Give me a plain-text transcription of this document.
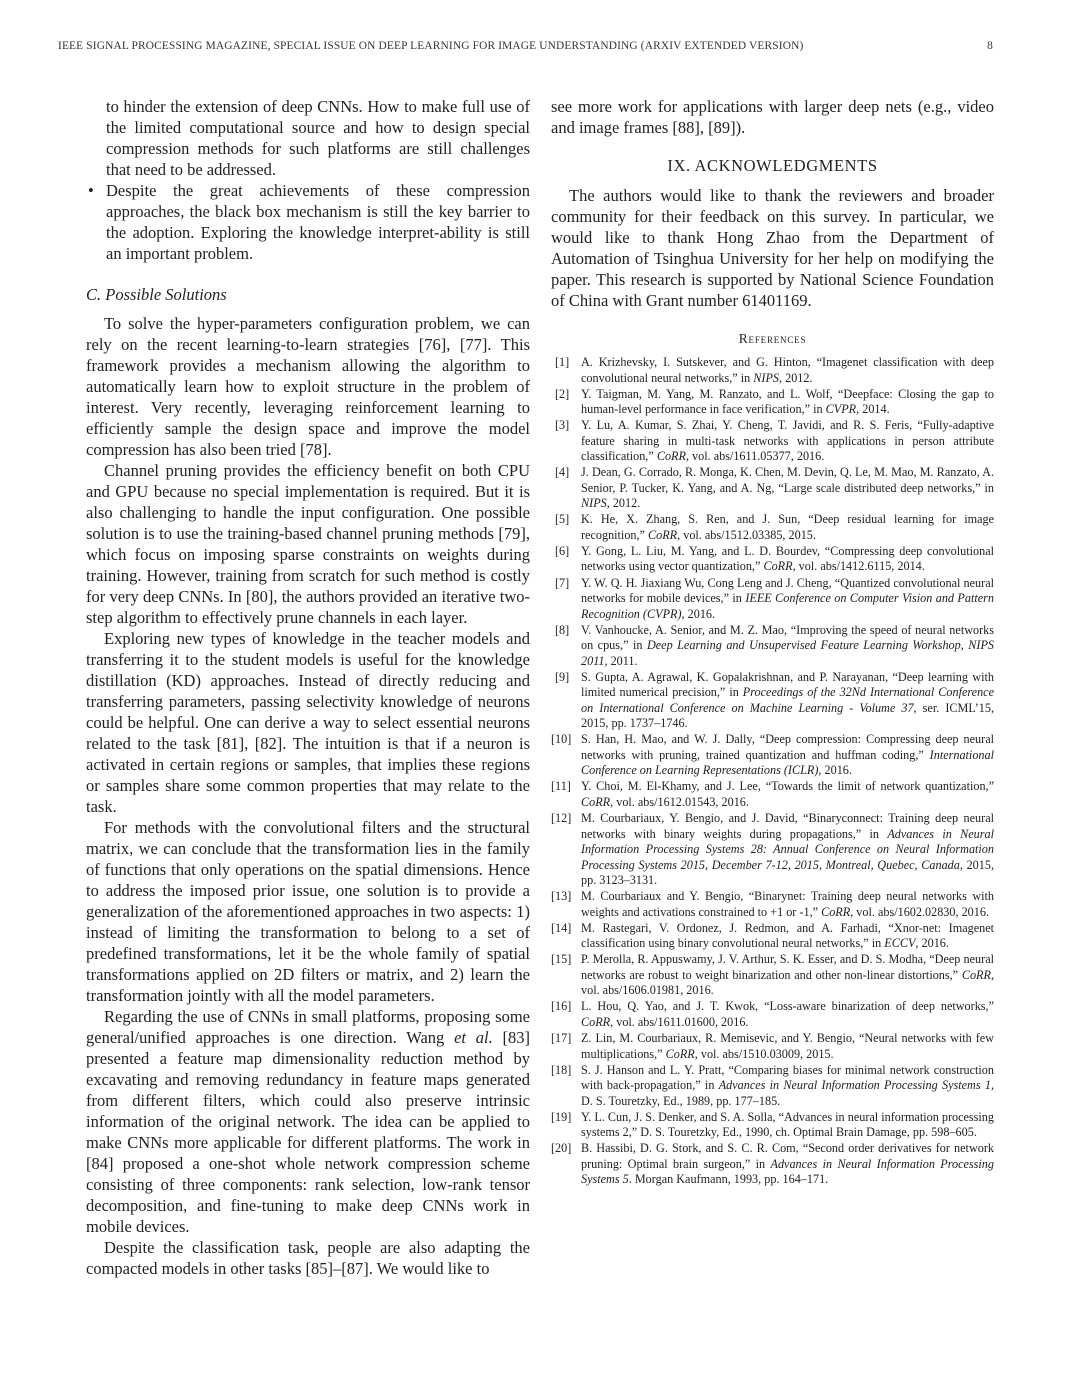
IEEE SIGNAL PROCESSING MAGAZINE, SPECIAL ISSUE ON DEEP LEARNING FOR IMAGE UNDERSTANDING (ARXIV EXTENDED VERSION)	8
to hinder the extension of deep CNNs. How to make full use of the limited computational source and how to design special compression methods for such platforms are still challenges that need to be addressed.
• Despite the great achievements of these compression approaches, the black box mechanism is still the key barrier to the adoption. Exploring the knowledge interpret-ability is still an important problem.
C. Possible Solutions

To solve the hyper-parameters configuration problem, we can rely on the recent learning-to-learn strategies [76], [77]. This framework provides a mechanism allowing the algorithm to automatically learn how to exploit structure in the problem of interest. Very recently, leveraging reinforcement learning to efficiently sample the design space and improve the model compression has also been tried [78].

Channel pruning provides the efficiency benefit on both CPU and GPU because no special implementation is required. But it is also challenging to handle the input configuration. One possible solution is to use the training-based channel pruning methods [79], which focus on imposing sparse constraints on weights during training. However, training from scratch for such method is costly for very deep CNNs. In [80], the authors provided an iterative two-step algorithm to effectively prune channels in each layer.

Exploring new types of knowledge in the teacher models and transferring it to the student models is useful for the knowledge distillation (KD) approaches. Instead of directly reducing and transferring parameters, passing selectivity knowledge of neurons could be helpful. One can derive a way to select essential neurons related to the task [81], [82]. The intuition is that if a neuron is activated in certain regions or samples, that implies these regions or samples share some common properties that may relate to the task.

For methods with the convolutional filters and the structural matrix, we can conclude that the transformation lies in the family of functions that only operations on the spatial dimensions. Hence to address the imposed prior issue, one solution is to provide a generalization of the aforementioned approaches in two aspects: 1) instead of limiting the transformation to belong to a set of predefined transformations, let it be the whole family of spatial transformations applied on 2D filters or matrix, and 2) learn the transformation jointly with all the model parameters.

Regarding the use of CNNs in small platforms, proposing some general/unified approaches is one direction. Wang et al. [83] presented a feature map dimensionality reduction method by excavating and removing redundancy in feature maps generated from different filters, which could also preserve intrinsic information of the original network. The idea can be applied to make CNNs more applicable for different platforms. The work in [84] proposed a one-shot whole network compression scheme consisting of three components: rank selection, low-rank tensor decomposition, and fine-tuning to make deep CNNs work in mobile devices.

Despite the classification task, people are also adapting the compacted models in other tasks [85]–[87]. We would like to

see more work for applications with larger deep nets (e.g., video and image frames [88], [89]).

IX. ACKNOWLEDGMENTS

The authors would like to thank the reviewers and broader community for their feedback on this survey. In particular, we would like to thank Hong Zhao from the Department of Automation of Tsinghua University for her help on modifying the paper. This research is supported by National Science Foundation of China with Grant number 61401169.

References
[1] A. Krizhevsky, I. Sutskever, and G. Hinton, “Imagenet classification with deep convolutional neural networks,” in NIPS, 2012.
[2] Y. Taigman, M. Yang, M. Ranzato, and L. Wolf, “Deepface: Closing the gap to human-level performance in face verification,” in CVPR, 2014.
[3] Y. Lu, A. Kumar, S. Zhai, Y. Cheng, T. Javidi, and R. S. Feris, “Fully-adaptive feature sharing in multi-task networks with applications in person attribute classification,” CoRR, vol. abs/1611.05377, 2016.
[4] J. Dean, G. Corrado, R. Monga, K. Chen, M. Devin, Q. Le, M. Mao, M. Ranzato, A. Senior, P. Tucker, K. Yang, and A. Ng, “Large scale distributed deep networks,” in NIPS, 2012.
[5] K. He, X. Zhang, S. Ren, and J. Sun, “Deep residual learning for image recognition,” CoRR, vol. abs/1512.03385, 2015.
[6] Y. Gong, L. Liu, M. Yang, and L. D. Bourdev, “Compressing deep convolutional networks using vector quantization,” CoRR, vol. abs/1412.6115, 2014.
[7] Y. W. Q. H. Jiaxiang Wu, Cong Leng and J. Cheng, “Quantized convolutional neural networks for mobile devices,” in IEEE Conference on Computer Vision and Pattern Recognition (CVPR), 2016.
[8] V. Vanhoucke, A. Senior, and M. Z. Mao, “Improving the speed of neural networks on cpus,” in Deep Learning and Unsupervised Feature Learning Workshop, NIPS 2011, 2011.
[9] S. Gupta, A. Agrawal, K. Gopalakrishnan, and P. Narayanan, “Deep learning with limited numerical precision,” in Proceedings of the 32Nd International Conference on International Conference on Machine Learning - Volume 37, ser. ICML’15, 2015, pp. 1737–1746.
[10] S. Han, H. Mao, and W. J. Dally, “Deep compression: Compressing deep neural networks with pruning, trained quantization and huffman coding,” International Conference on Learning Representations (ICLR), 2016.
[11] Y. Choi, M. El-Khamy, and J. Lee, “Towards the limit of network quantization,” CoRR, vol. abs/1612.01543, 2016.
[12] M. Courbariaux, Y. Bengio, and J. David, “Binaryconnect: Training deep neural networks with binary weights during propagations,” in Advances in Neural Information Processing Systems 28: Annual Conference on Neural Information Processing Systems 2015, December 7-12, 2015, Montreal, Quebec, Canada, 2015, pp. 3123–3131.
[13] M. Courbariaux and Y. Bengio, “Binarynet: Training deep neural networks with weights and activations constrained to +1 or -1,” CoRR, vol. abs/1602.02830, 2016.
[14] M. Rastegari, V. Ordonez, J. Redmon, and A. Farhadi, “Xnor-net: Imagenet classification using binary convolutional neural networks,” in ECCV, 2016.
[15] P. Merolla, R. Appuswamy, J. V. Arthur, S. K. Esser, and D. S. Modha, “Deep neural networks are robust to weight binarization and other non-linear distortions,” CoRR, vol. abs/1606.01981, 2016.
[16] L. Hou, Q. Yao, and J. T. Kwok, “Loss-aware binarization of deep networks,” CoRR, vol. abs/1611.01600, 2016.
[17] Z. Lin, M. Courbariaux, R. Memisevic, and Y. Bengio, “Neural networks with few multiplications,” CoRR, vol. abs/1510.03009, 2015.
[18] S. J. Hanson and L. Y. Pratt, “Comparing biases for minimal network construction with back-propagation,” in Advances in Neural Information Processing Systems 1, D. S. Touretzky, Ed., 1989, pp. 177–185.
[19] Y. L. Cun, J. S. Denker, and S. A. Solla, “Advances in neural information processing systems 2,” D. S. Touretzky, Ed., 1990, ch. Optimal Brain Damage, pp. 598–605.
[20] B. Hassibi, D. G. Stork, and S. C. R. Com, “Second order derivatives for network pruning: Optimal brain surgeon,” in Advances in Neural Information Processing Systems 5. Morgan Kaufmann, 1993, pp. 164–171.
